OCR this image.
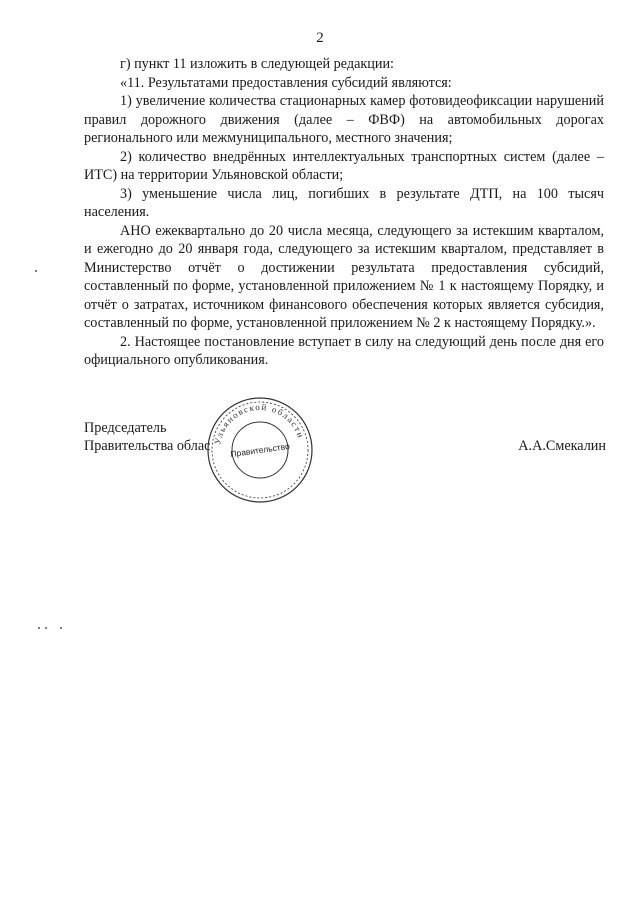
2

г) пункт 11 изложить в следующей редакции:

«11. Результатами предоставления субсидий являются:

1) увеличение количества стационарных камер фотовидеофиксации нарушений правил дорожного движения (далее – ФВФ) на автомобильных дорогах регионального или межмуниципального, местного значения;

2) количество внедрённых интеллектуальных транспортных систем (далее – ИТС) на территории Ульяновской области;

3) уменьшение числа лиц, погибших в результате ДТП, на 100 тысяч населения.

АНО ежеквартально до 20 числа месяца, следующего за истекшим кварталом, и ежегодно до 20 января года, следующего за истекшим кварталом, представляет в Министерство отчёт о достижении результата предоставления субсидий, составленный по форме, установленной приложением № 1 к настоящему Порядку, и отчёт о затратах, источником финансового обеспечения которых является субсидия, составленный по форме, установленной приложением № 2 к настоящему Порядку.».

2. Настоящее постановление вступает в силу на следующий день после дня его официального опубликования.

Председатель
Правительства облас	А.А.Смекалин
Ульяновской области
Правительство
